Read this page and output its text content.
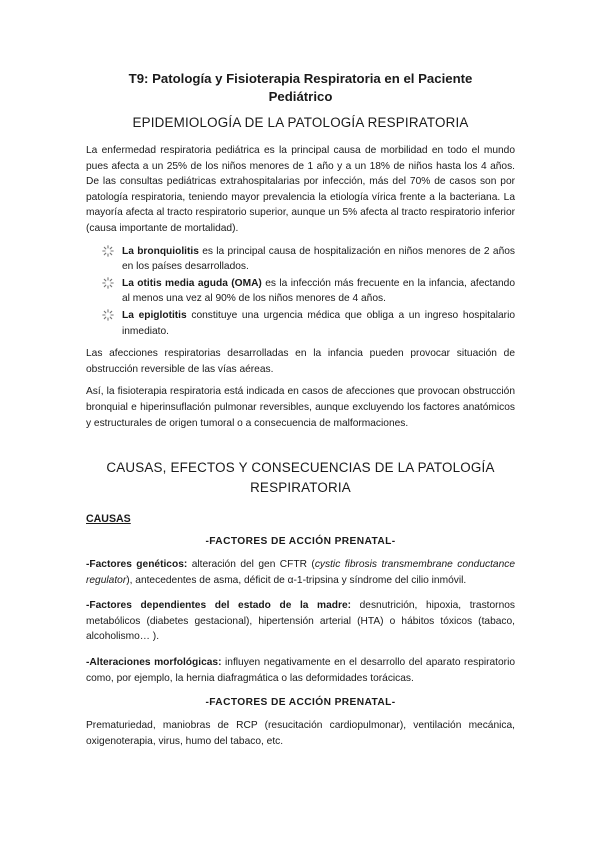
T9: Patología y Fisioterapia Respiratoria en el Paciente Pediátrico
EPIDEMIOLOGÍA DE LA PATOLOGÍA RESPIRATORIA

La enfermedad respiratoria pediátrica es la principal causa de morbilidad en todo el mundo pues afecta a un 25% de los niños menores de 1 año y a un 18% de niños hasta los 4 años. De las consultas pediátricas extrahospitalarias por infección, más del 70% de casos son por patología respiratoria, teniendo mayor prevalencia la etiología vírica frente a la bacteriana. La mayoría afecta al tracto respiratorio superior, aunque un 5% afecta al tracto respiratorio inferior (causa importante de mortalidad).

La bronquiolitis es la principal causa de hospitalización en niños menores de 2 años en los países desarrollados.
La otitis media aguda (OMA) es la infección más frecuente en la infancia, afectando al menos una vez al 90% de los niños menores de 4 años.
La epiglotitis constituye una urgencia médica que obliga a un ingreso hospitalario inmediato.

Las afecciones respiratorias desarrolladas en la infancia pueden provocar situación de obstrucción reversible de las vías aéreas.

Así, la fisioterapia respiratoria está indicada en casos de afecciones que provocan obstrucción bronquial e hiperinsuflación pulmonar reversibles, aunque excluyendo los factores anatómicos y estructurales de origen tumoral o a consecuencia de malformaciones.

CAUSAS, EFECTOS Y CONSECUENCIAS DE LA PATOLOGÍA RESPIRATORIA
CAUSAS
-FACTORES DE ACCIÓN PRENATAL-

-Factores genéticos: alteración del gen CFTR (cystic fibrosis transmembrane conductance regulator), antecedentes de asma, déficit de α-1-tripsina y síndrome del cilio inmóvil.

-Factores dependientes del estado de la madre: desnutrición, hipoxia, trastornos metabólicos (diabetes gestacional), hipertensión arterial (HTA) o hábitos tóxicos (tabaco, alcoholismo… ).

-Alteraciones morfológicas: influyen negativamente en el desarrollo del aparato respiratorio como, por ejemplo, la hernia diafragmática o las deformidades torácicas.

-FACTORES DE ACCIÓN PRENATAL-

Prematuriedad, maniobras de RCP (resucitación cardiopulmonar), ventilación mecánica, oxigenoterapia, virus, humo del tabaco, etc.
